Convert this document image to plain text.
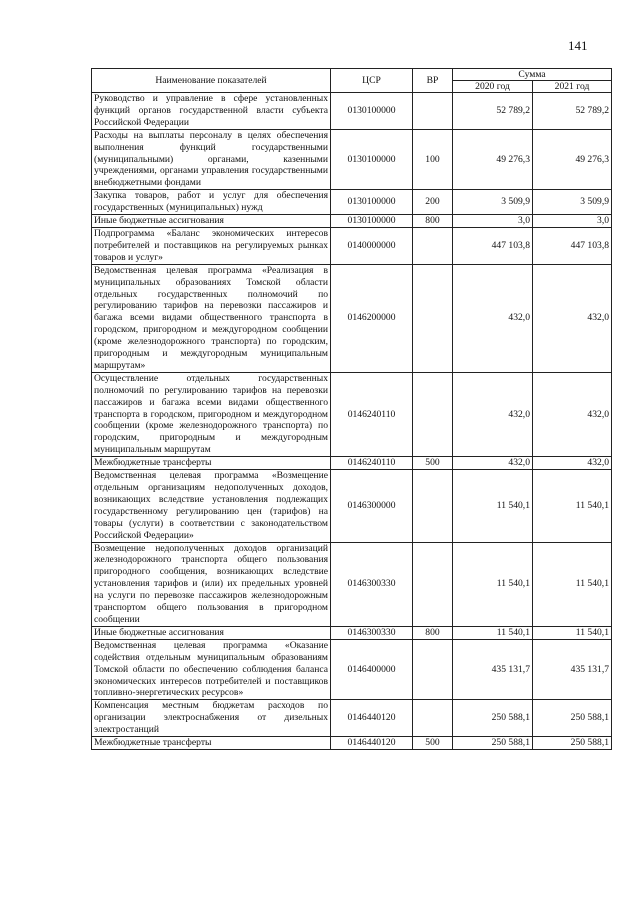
141
Наименование показателей	ЦСР	ВР	Сумма	
			2020 год	2021 год
Руководство и управление в сфере установленных функций органов государственной власти субъекта Российской Федерации	0130100000		52 789,2	52 789,2
Расходы на выплаты персоналу в целях обеспечения выполнения функций государственными (муниципальными) органами, казенными учреждениями, органами управления государственными внебюджетными фондами	0130100000	100	49 276,3	49 276,3
Закупка товаров, работ и услуг для обеспечения государственных (муниципальных) нужд	0130100000	200	3 509,9	3 509,9
Иные бюджетные ассигнования	0130100000	800	3,0	3,0
Подпрограмма «Баланс экономических интересов потребителей и поставщиков на регулируемых рынках товаров и услуг»	0140000000		447 103,8	447 103,8
Ведомственная целевая программа «Реализация в муниципальных образованиях Томской области отдельных государственных полномочий по регулированию тарифов на перевозки пассажиров и багажа всеми видами общественного транспорта в городском, пригородном и междугородном сообщении (кроме железнодорожного транспорта) по городским, пригородным и междугородным муниципальным маршрутам»	0146200000		432,0	432,0
Осуществление отдельных государственных полномочий по регулированию тарифов на перевозки пассажиров и багажа всеми видами общественного транспорта в городском, пригородном и междугородном сообщении (кроме железнодорожного транспорта) по городским, пригородным и междугородным муниципальным маршрутам	0146240110		432,0	432,0
Межбюджетные трансферты	0146240110	500	432,0	432,0
Ведомственная целевая программа «Возмещение отдельным организациям недополученных доходов, возникающих вследствие установления подлежащих государственному регулированию цен (тарифов) на товары (услуги) в соответствии с законодательством Российской Федерации»	0146300000		11 540,1	11 540,1
Возмещение недополученных доходов организаций железнодорожного транспорта общего пользования пригородного сообщения, возникающих вследствие установления тарифов и (или) их предельных уровней на услуги по перевозке пассажиров железнодорожным транспортом общего пользования в пригородном сообщении	0146300330		11 540,1	11 540,1
Иные бюджетные ассигнования	0146300330	800	11 540,1	11 540,1
Ведомственная целевая программа «Оказание содействия отдельным муниципальным образованиям Томской области по обеспечению соблюдения баланса экономических интересов потребителей и поставщиков топливно-энергетических ресурсов»	0146400000		435 131,7	435 131,7
Компенсация местным бюджетам расходов по организации электроснабжения от дизельных электростанций	0146440120		250 588,1	250 588,1
Межбюджетные трансферты	0146440120	500	250 588,1	250 588,1
